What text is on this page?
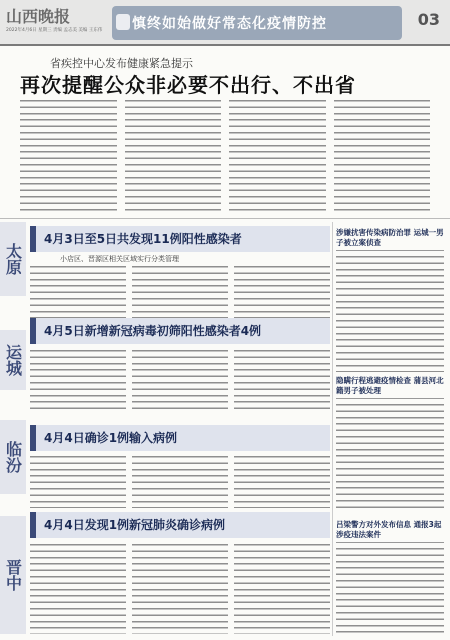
山西晚报
2022年4月6日 星期三 责编 孟志美 美编 王东伟 慎终如始做好常态化疫情防控	03
省疾控中心发布健康紧急提示
再次提醒公众非必要不出行、不出省
太原
4月3日至5日共发现11例阳性感染者
小店区、晋源区相关区域实行分类管理
运城
4月5日新增新冠病毒初筛阳性感染者4例
临汾
4月4日确诊1例输入病例
晋中
4月4日发现1例新冠肺炎确诊病例
涉嫌扰害传染病防治罪 运城一男子被立案侦查
隐瞒行程逃避疫情检查 蒲县河北籍男子被处理
吕梁警方对外发布信息 通报3起涉疫违法案件
